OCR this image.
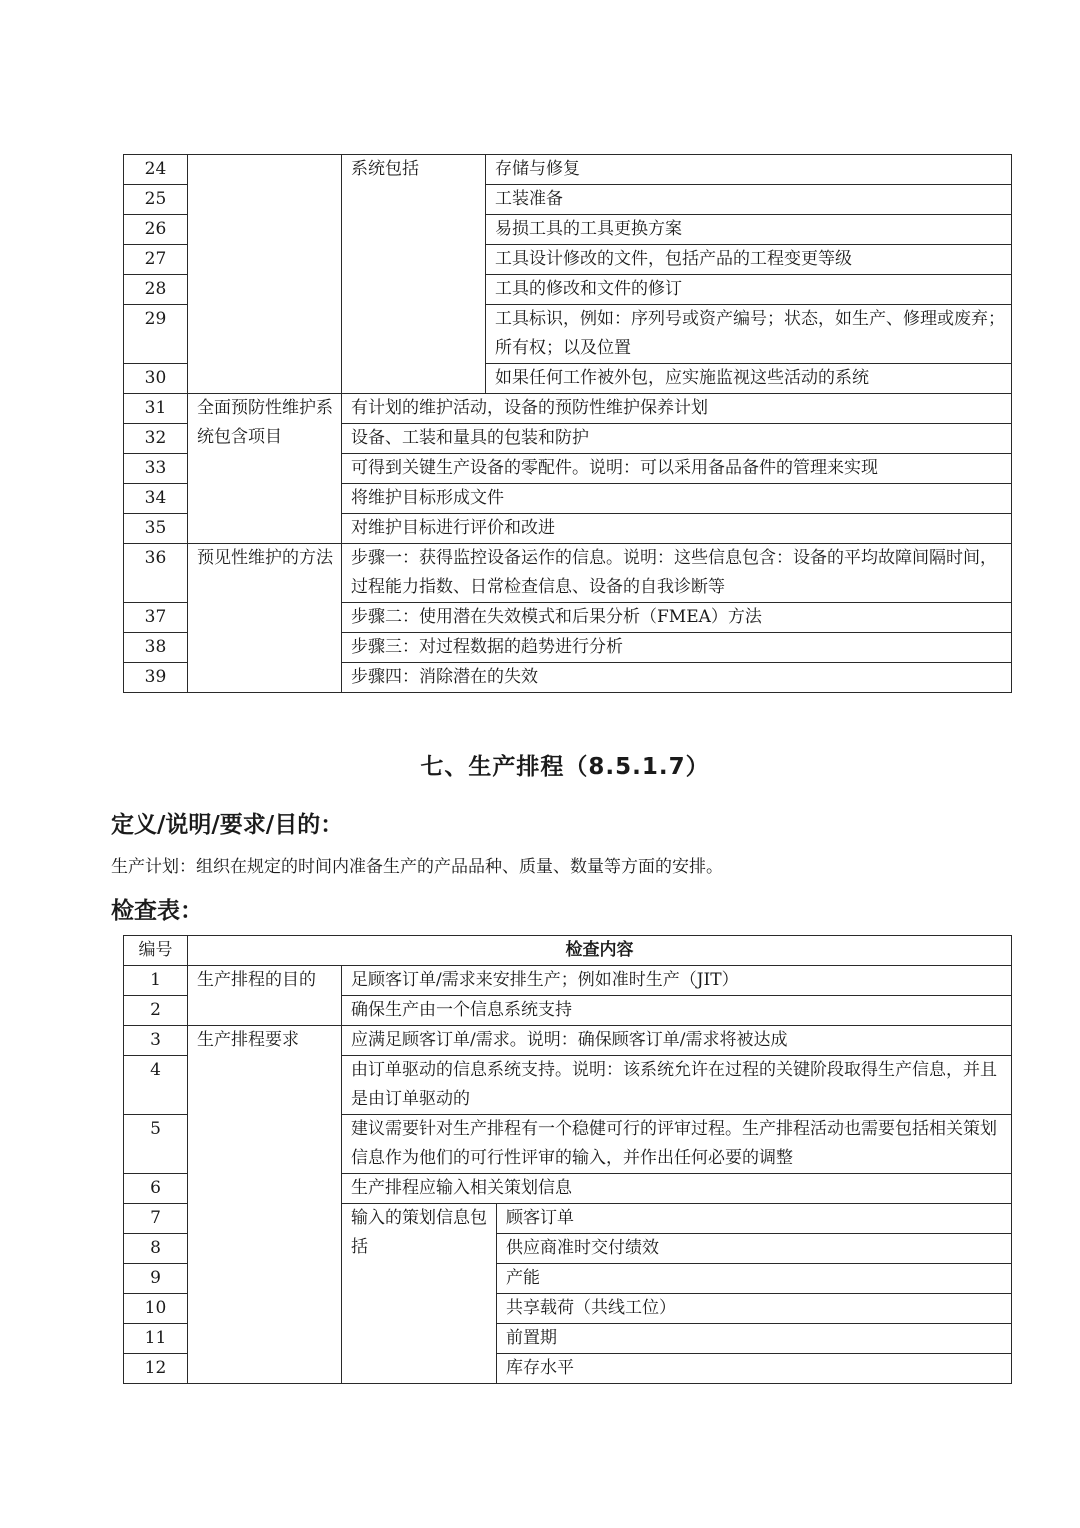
24		系统包括	存储与修复
25			工装准备
26			易损工具的工具更换方案
27			工具设计修改的文件，包括产品的工程变更等级
28			工具的修改和文件的修订
29			工具标识，例如：序列号或资产编号；状态，如生产、修理或废弃；所有权；以及位置
30			如果任何工作被外包，应实施监视这些活动的系统
31	全面预防性维护系统包含项目	有计划的维护活动，设备的预防性维护保养计划	
32		设备、工装和量具的包装和防护	
33		可得到关键生产设备的零配件。说明：可以采用备品备件的管理来实现	
34		将维护目标形成文件	
35		对维护目标进行评价和改进	
36	预见性维护的方法	步骤一：获得监控设备运作的信息。说明：这些信息包含：设备的平均故障间隔时间，过程能力指数、日常检查信息、设备的自我诊断等	
37		步骤二：使用潜在失效模式和后果分析（FMEA）方法	
38		步骤三：对过程数据的趋势进行分析	
39		步骤四：消除潜在的失效	
七、生产排程（8.5.1.7）
定义/说明/要求/目的：
生产计划：组织在规定的时间内准备生产的产品品种、质量、数量等方面的安排。
检查表：
编号	检查内容		
1	生产排程的目的	足顾客订单/需求来安排生产；例如准时生产（JIT）	
2		确保生产由一个信息系统支持	
3	生产排程要求	应满足顾客订单/需求。说明：确保顾客订单/需求将被达成	
4		由订单驱动的信息系统支持。说明：该系统允许在过程的关键阶段取得生产信息，并且是由订单驱动的	
5		建议需要针对生产排程有一个稳健可行的评审过程。生产排程活动也需要包括相关策划信息作为他们的可行性评审的输入，并作出任何必要的调整	
6		生产排程应输入相关策划信息	
7		输入的策划信息包括	顾客订单
8			供应商准时交付绩效
9			产能
10			共享载荷（共线工位）
11			前置期
12			库存水平
